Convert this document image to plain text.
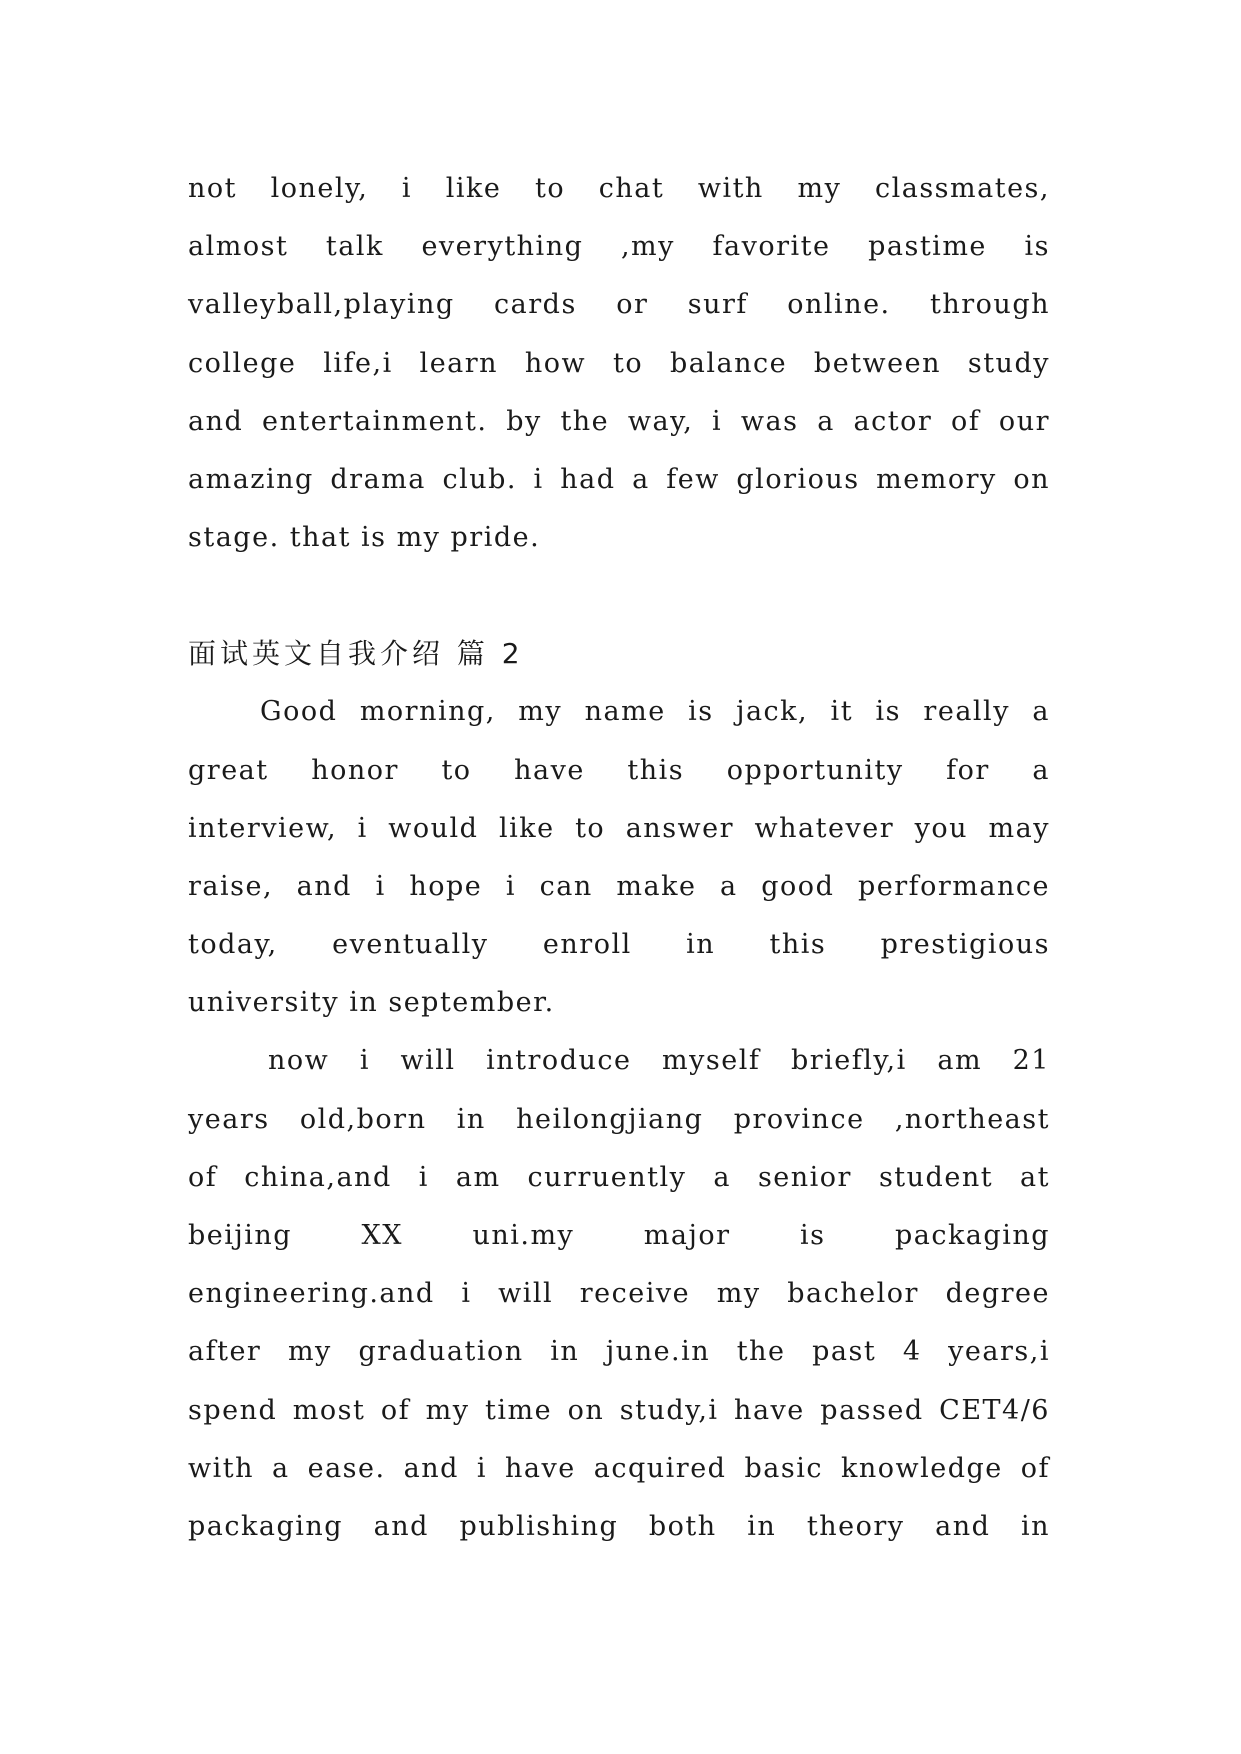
not lonely, i like to chat with my classmates,
almost talk everything ,my favorite pastime is
valleyball,playing cards or surf online. through
college life,i learn how to balance between study
and entertainment. by the way, i was a actor of our
amazing drama club. i had a few glorious memory on
stage. that is my pride.
面试英文自我介绍 篇 2
Good morning, my name is jack, it is really a
great honor to have this opportunity for a
interview, i would like to answer whatever you may
raise, and i hope i can make a good performance
today, eventually enroll in this prestigious
university in september.
now i will introduce myself briefly,i am 21
years old,born in heilongjiang province ,northeast
of china,and i am curruently a senior student at
beijing XX uni.my major is packaging
engineering.and i will receive my bachelor degree
after my graduation in june.in the past 4 years,i
spend most of my time on study,i have passed CET4/6
with a ease. and i have acquired basic knowledge of
packaging and publishing both in theory and in
